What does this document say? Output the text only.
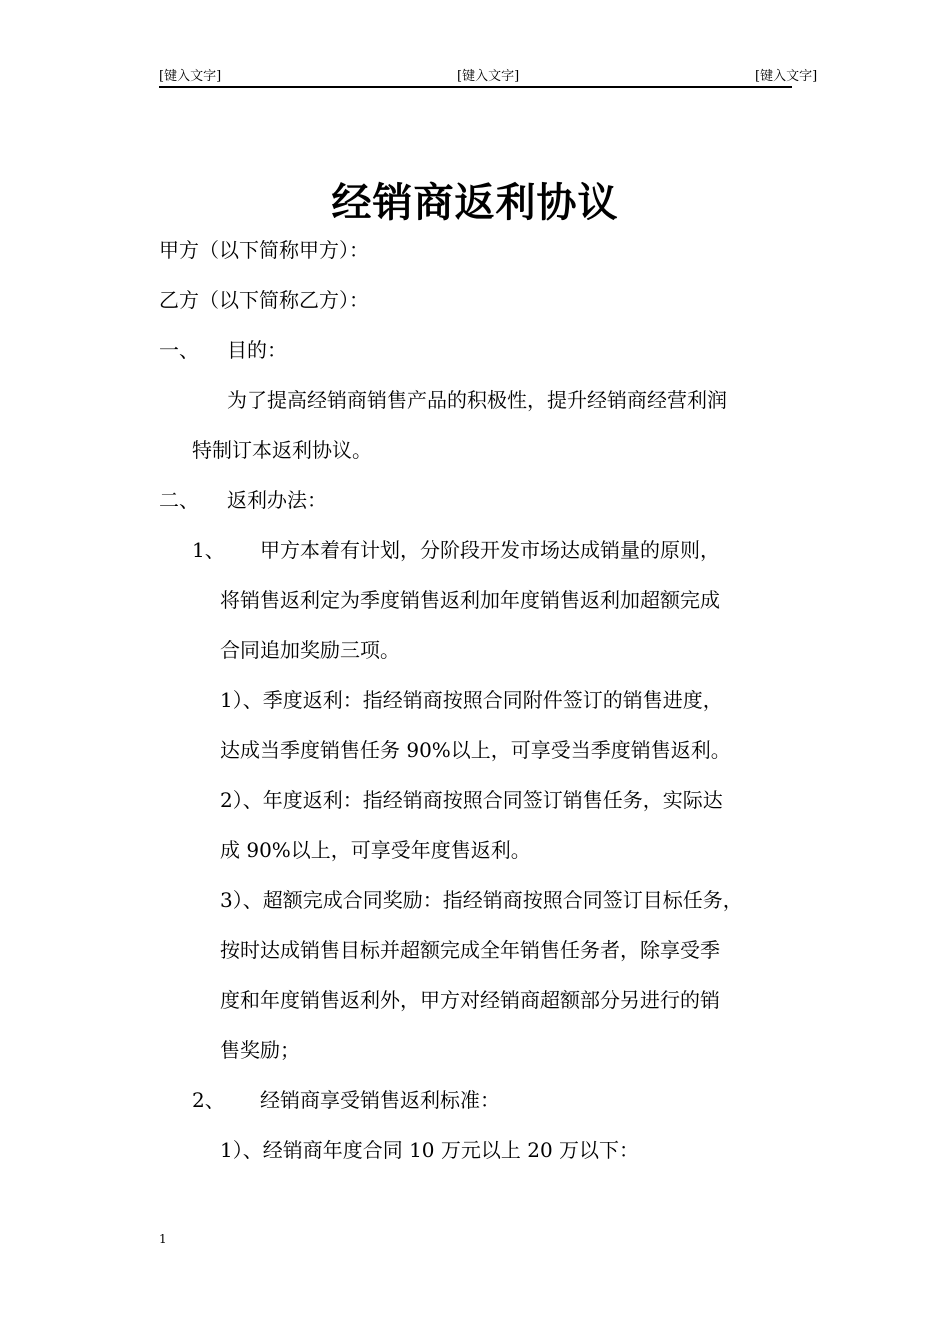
[键入文字]	[键入文字]	[键入文字]
经销商返利协议
甲方（以下简称甲方）：
乙方（以下简称乙方）：
一、 目的：
为了提高经销商销售产品的积极性，提升经销商经营利润
特制订本返利协议。
二、 返利办法：
1、 甲方本着有计划，分阶段开发市场达成销量的原则，
将销售返利定为季度销售返利加年度销售返利加超额完成
合同追加奖励三项。
1）、季度返利：指经销商按照合同附件签订的销售进度，
达成当季度销售任务 90%以上，可享受当季度销售返利。
2）、年度返利：指经销商按照合同签订销售任务，实际达
成 90%以上，可享受年度售返利。
3）、超额完成合同奖励：指经销商按照合同签订目标任务，
按时达成销售目标并超额完成全年销售任务者，除享受季
度和年度销售返利外，甲方对经销商超额部分另进行的销
售奖励；
2、 经销商享受销售返利标准：
1）、经销商年度合同 10 万元以上 20 万以下：
1
